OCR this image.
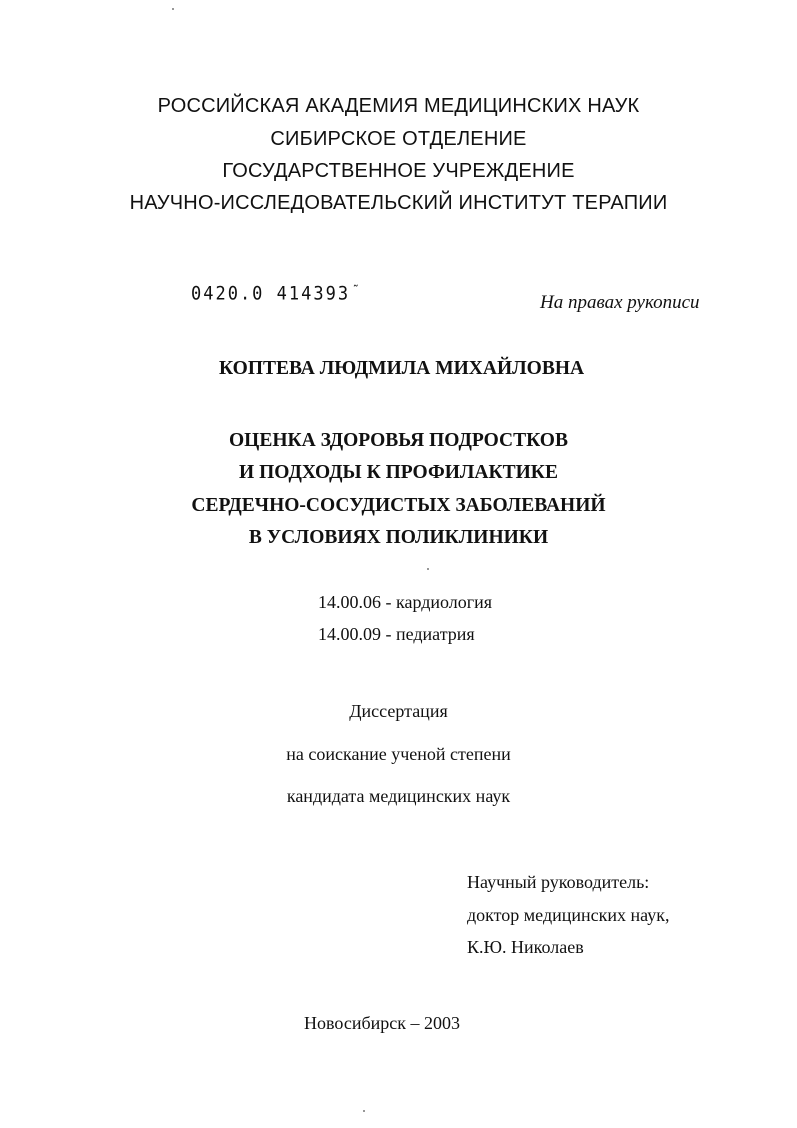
РОССИЙСКАЯ АКАДЕМИЯ МЕДИЦИНСКИХ НАУК
СИБИРСКОЕ ОТДЕЛЕНИЕ
ГОСУДАРСТВЕННОЕ УЧРЕЖДЕНИЕ
НАУЧНО-ИССЛЕДОВАТЕЛЬСКИЙ ИНСТИТУТ ТЕРАПИИ
0420.0 414393 ˜
На правах рукописи
КОПТЕВА ЛЮДМИЛА МИХАЙЛОВНА
ОЦЕНКА ЗДОРОВЬЯ ПОДРОСТКОВ
И ПОДХОДЫ К ПРОФИЛАКТИКЕ
СЕРДЕЧНО-СОСУДИСТЫХ ЗАБОЛЕВАНИЙ
В УСЛОВИЯХ ПОЛИКЛИНИКИ
14.00.06 - кардиология
14.00.09 - педиатрия
Диссертация
на соискание ученой степени
кандидата медицинских наук
Научный руководитель:
доктор медицинских наук,
К.Ю. Николаев
Новосибирск – 2003
